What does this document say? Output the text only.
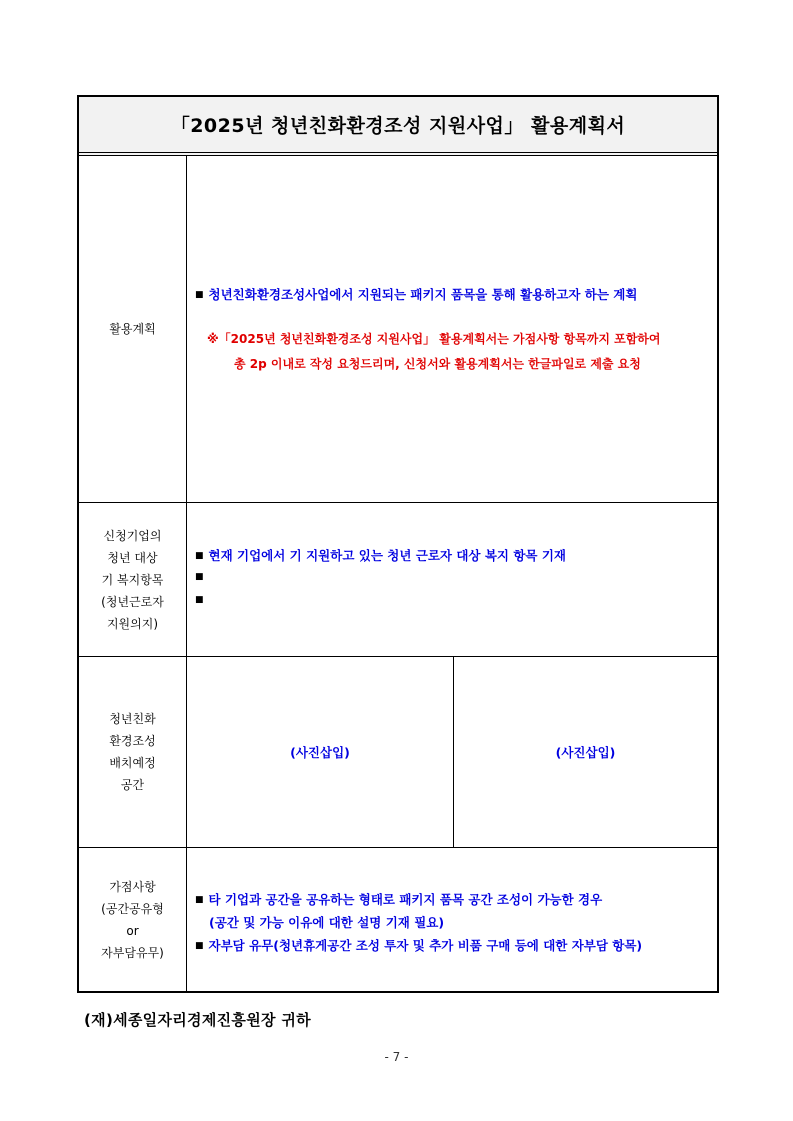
「2025년 청년친화환경조성 지원사업」 활용계획서
활용계획
■ 청년친화환경조성사업에서 지원되는 패키지 품목을 통해 활용하고자 하는 계획
※「2025년 청년친화환경조성 지원사업」 활용계획서는 가점사항 항목까지 포함하여
총 2p 이내로 작성 요청드리며, 신청서와 활용계획서는 한글파일로 제출 요청
신청기업의
청년 대상
기 복지항목
(청년근로자
지원의지)
■ 현재 기업에서 기 지원하고 있는 청년 근로자 대상 복지 항목 기재
■
■
청년친화
환경조성
배치예정
공간
(사진삽입)	(사진삽입)
가점사항
(공간공유형
or
자부담유무)
■ 타 기업과 공간을 공유하는 형태로 패키지 품목 공간 조성이 가능한 경우
(공간 및 가능 이유에 대한 설명 기재 필요)
■ 자부담 유무(청년휴게공간 조성 투자 및 추가 비품 구매 등에 대한 자부담 항목)
(재)세종일자리경제진흥원장 귀하
- 7 -
